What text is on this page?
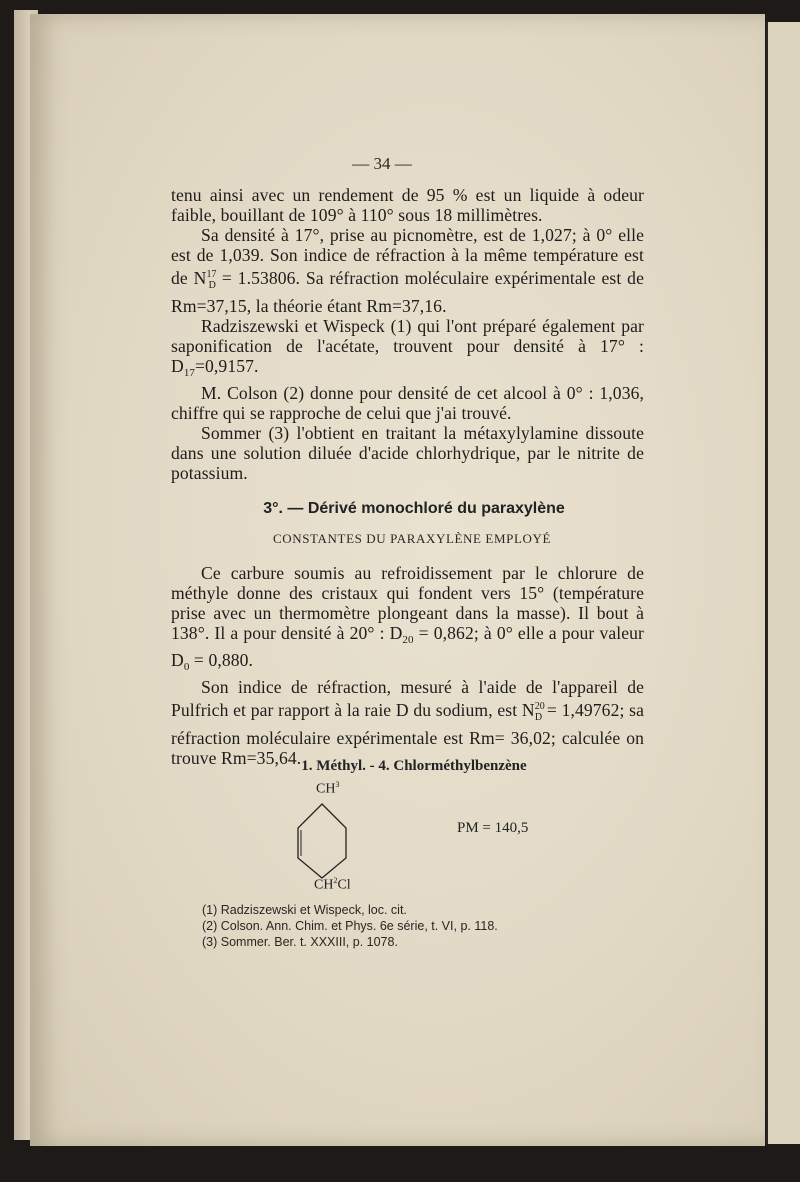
— 34 —

tenu ainsi avec un rendement de 95 % est un liquide à odeur faible, bouillant de 109° à 110° sous 18 millimètres.

Sa densité à 17°, prise au picnomètre, est de 1,027; à 0° elle est de 1,039. Son indice de réfraction à la même température est de $N^{17}_D = 1.53806$. Sa réfraction moléculaire expérimentale est de Rm=37,15, la théorie étant Rm=37,16.

Radziszewski et Wispeck (1) qui l'ont préparé également par saponification de l'acétate, trouvent pour densité à 17° : $D_{17}=0,9157$.

M. Colson (2) donne pour densité de cet alcool à 0° : 1,036, chiffre qui se rapproche de celui que j'ai trouvé.

Sommer (3) l'obtient en traitant la métaxylylamine dissoute dans une solution diluée d'acide chlorhydrique, par le nitrite de potassium.

3°. — Dérivé monochloré du paraxylène
CONSTANTES DU PARAXYLÈNE EMPLOYÉ

Ce carbure soumis au refroidissement par le chlorure de méthyle donne des cristaux qui fondent vers 15° (température prise avec un thermomètre plongeant dans la masse). Il bout à 138°. Il a pour densité à 20° : $D_{20} = 0,862$; à 0° elle a pour valeur $D_0 = 0,880$.

Son indice de réfraction, mesuré à l'aide de l'appareil de Pulfrich et par rapport à la raie D du sodium, est $N^{20}_D = 1,49762$; sa réfraction moléculaire expérimentale est Rm= 36,02; calculée on trouve Rm=35,64. 1. Méthyl. - 4. Chlorméthylbenzène
$CH^3$
$CH^2Cl$
PM = 140,5
(1) Radziszewski et Wispeck, loc. cit.
(2) Colson. Ann. Chim. et Phys. 6e série, t. VI, p. 118.
(3) Sommer. Ber. t. XXXIII, p. 1078.
